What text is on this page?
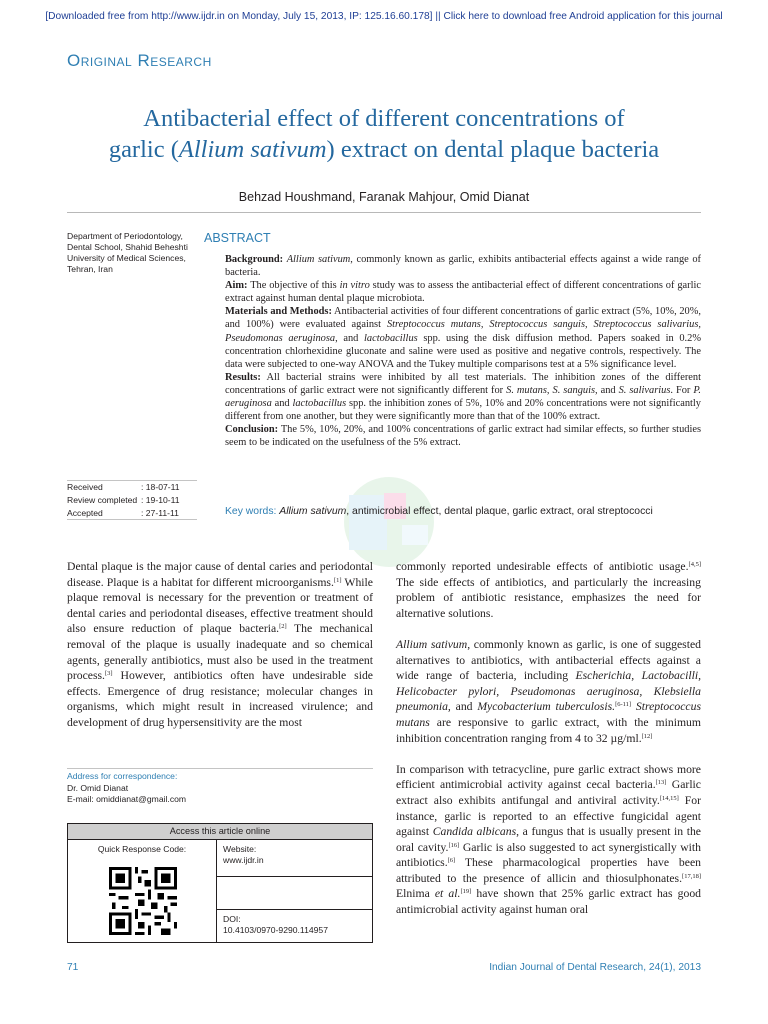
[Downloaded free from http://www.ijdr.in on Monday, July 15, 2013, IP: 125.16.60.178] || Click here to download free Android application for this journal
Original Research
Antibacterial effect of different concentrations of
garlic (Allium sativum) extract on dental plaque bacteria
Behzad Houshmand, Faranak Mahjour, Omid Dianat
Department of Periodontology,
Dental School, Shahid Beheshti
University of Medical Sciences,
Tehran, Iran
ABSTRACT

Background: Allium sativum, commonly known as garlic, exhibits antibacterial effects against a wide range of bacteria.

Aim: The objective of this in vitro study was to assess the antibacterial effect of different concentrations of garlic extract against human dental plaque microbiota.

Materials and Methods: Antibacterial activities of four different concentrations of garlic extract (5%, 10%, 20%, and 100%) were evaluated against Streptococcus mutans, Streptococcus sanguis, Streptococcus salivarius, Pseudomonas aeruginosa, and lactobacillus spp. using the disk diffusion method. Papers soaked in 0.2% concentration chlorhexidine gluconate and saline were used as positive and negative controls, respectively. The data were subjected to one-way ANOVA and the Tukey multiple comparisons test at a 5% significance level.

Results: All bacterial strains were inhibited by all test materials. The inhibition zones of the different concentrations of garlic extract were not significantly different for S. mutans, S. sanguis, and S. salivarius. For P. aeruginosa and lactobacillus spp. the inhibition zones of 5%, 10% and 20% concentrations were not significantly different from one another, but they were significantly more than that of the 100% extract.

Conclusion: The 5%, 10%, 20%, and 100% concentrations of garlic extract had similar effects, so further studies seem to be indicated on the usefulness of the 5% extract.

Received	: 18-07-11
Review completed : 19-10-11
Accepted	: 27-11-11	Key words: Allium sativum, antimicrobial effect, dental plaque, garlic extract, oral streptococci

Dental plaque is the major cause of dental caries and periodontal disease. Plaque is a habitat for different microorganisms.[1] While plaque removal is necessary for the prevention or treatment of dental caries and periodontal diseases, effective treatment should also ensure reduction of plaque bacteria.[2] The mechanical removal of the plaque is usually inadequate and so chemical agents, generally antibiotics, must also be used in the treatment process.[3] However, antibiotics often have undesirable side effects. Emergence of drug resistance; molecular changes in organisms, which might result in increased virulence; and development of drug hypersensitivity are the most

Address for correspondence:
Dr. Omid Dianat
E-mail: omiddianat@gmail.com
Access this article online
Quick Response Code:	Website:
www.ijdr.in
DOI:
10.4103/0970-9290.114957

commonly reported undesirable effects of antibiotic usage.[4,5] The side effects of antibiotics, and particularly the increasing problem of antibiotic resistance, emphasizes the need for alternative solutions.

Allium sativum, commonly known as garlic, is one of suggested alternatives to antibiotics, with antibacterial effects against a wide range of bacteria, including Escherichia, Lactobacilli, Helicobacter pylori, Pseudomonas aeruginosa, Klebsiella pneumonia, and Mycobacterium tuberculosis.[6-11] Streptococcus mutans are responsive to garlic extract, with the minimum inhibition concentration ranging from 4 to 32 µg/ml.[12]

In comparison with tetracycline, pure garlic extract shows more efficient antimicrobial activity against cecal bacteria.[13] Garlic extract also exhibits antifungal and antiviral activity.[14,15] For instance, garlic is reported to an effective fungicidal agent against Candida albicans, a fungus that is usually present in the oral cavity.[16] Garlic is also suggested to act synergistically with antibiotics.[6] These pharmacological properties have been attributed to the presence of allicin and thiosulphonates.[17,18] Elnima et al.[19] have shown that 25% garlic extract has good antimicrobial activity against human oral

71	Indian Journal of Dental Research, 24(1), 2013
